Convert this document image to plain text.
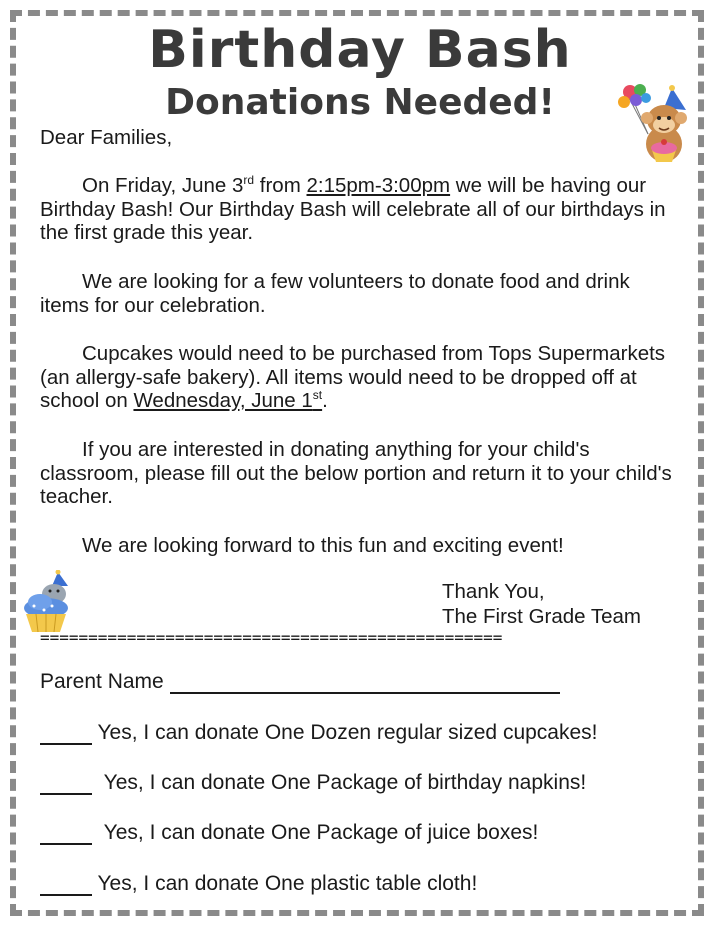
Birthday Bash
Donations Needed!
Dear Families,
On Friday, June 3rd from 2:15pm-3:00pm we will be having our Birthday Bash! Our Birthday Bash will celebrate all of our birthdays in the first grade this year.
We are looking for a few volunteers to donate food and drink items for our celebration.
Cupcakes would need to be purchased from Tops Supermarkets (an allergy-safe bakery). All items would need to be dropped off at school on Wednesday, June 1st.
If you are interested in donating anything for your child's classroom, please fill out the below portion and return it to your child's teacher.
We are looking forward to this fun and exciting event!
Thank You,
The First Grade Team
================================================
Parent Name
Yes, I can donate One Dozen regular sized cupcakes!
Yes, I can donate One Package of birthday napkins!
Yes, I can donate One Package of juice boxes!
Yes, I can donate One plastic table cloth!
